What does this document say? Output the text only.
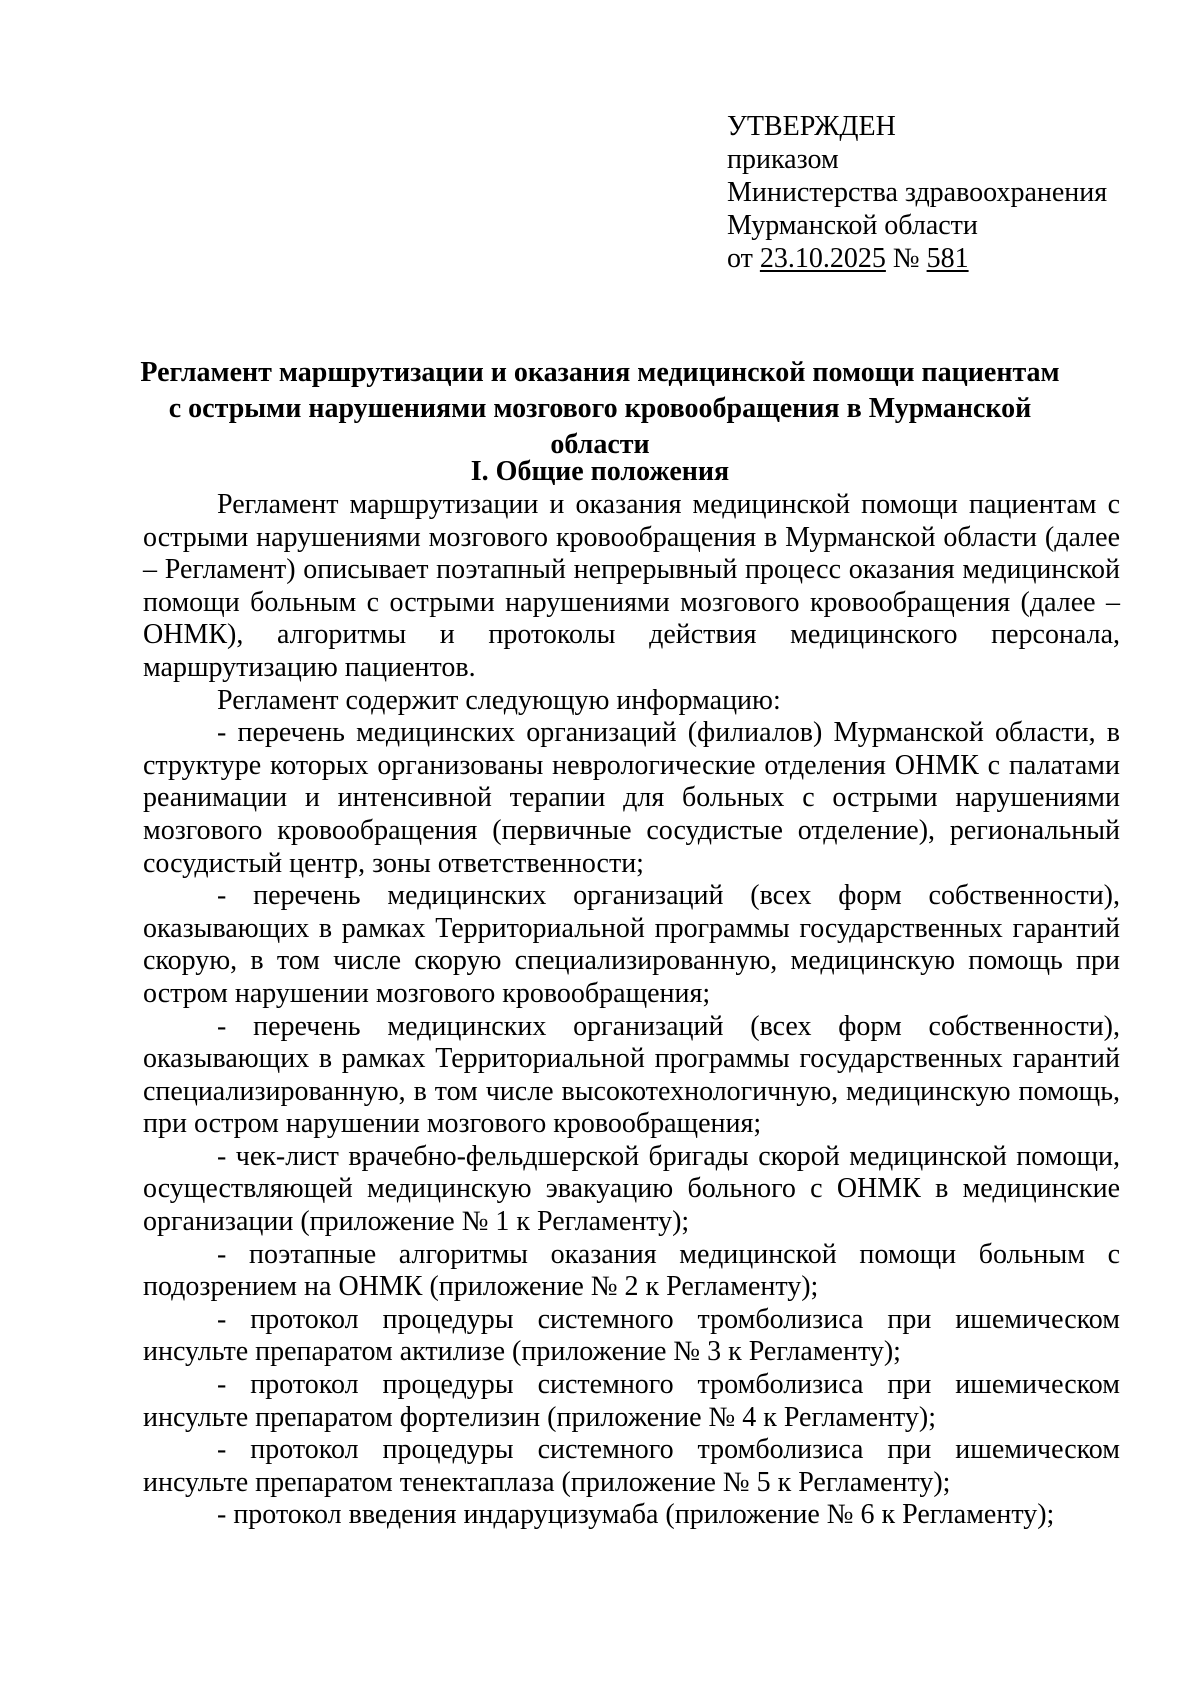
УТВЕРЖДЕН
приказом
Министерства здравоохранения
Мурманской области
от 23.10.2025 № 581
Регламент маршрутизации и оказания медицинской помощи пациентам с острыми нарушениями мозгового кровообращения в Мурманской области
I. Общие положения

Регламент маршрутизации и оказания медицинской помощи пациентам с острыми нарушениями мозгового кровообращения в Мурманской области (далее – Регламент) описывает поэтапный непрерывный процесс оказания медицинской помощи больным с острыми нарушениями мозгового кровообращения (далее – ОНМК), алгоритмы и протоколы действия медицинского персонала, маршрутизацию пациентов.

Регламент содержит следующую информацию:

- перечень медицинских организаций (филиалов) Мурманской области, в структуре которых организованы неврологические отделения ОНМК с палатами реанимации и интенсивной терапии для больных с острыми нарушениями мозгового кровообращения (первичные сосудистые отделение), региональный сосудистый центр, зоны ответственности;

- перечень медицинских организаций (всех форм собственности), оказывающих в рамках Территориальной программы государственных гарантий скорую, в том числе скорую специализированную, медицинскую помощь при остром нарушении мозгового кровообращения;

- перечень медицинских организаций (всех форм собственности), оказывающих в рамках Территориальной программы государственных гарантий специализированную, в том числе высокотехнологичную, медицинскую помощь, при остром нарушении мозгового кровообращения;

- чек-лист врачебно-фельдшерской бригады скорой медицинской помощи, осуществляющей медицинскую эвакуацию больного с ОНМК в медицинские организации (приложение № 1 к Регламенту);

- поэтапные алгоритмы оказания медицинской помощи больным с подозрением на ОНМК (приложение № 2 к Регламенту);

- протокол процедуры системного тромболизиса при ишемическом инсульте препаратом актилизе (приложение № 3 к Регламенту);

- протокол процедуры системного тромболизиса при ишемическом инсульте препаратом фортелизин (приложение № 4 к Регламенту);

- протокол процедуры системного тромболизиса при ишемическом инсульте препаратом тенектаплаза (приложение № 5 к Регламенту);

- протокол введения индаруцизумаба (приложение № 6 к Регламенту);
